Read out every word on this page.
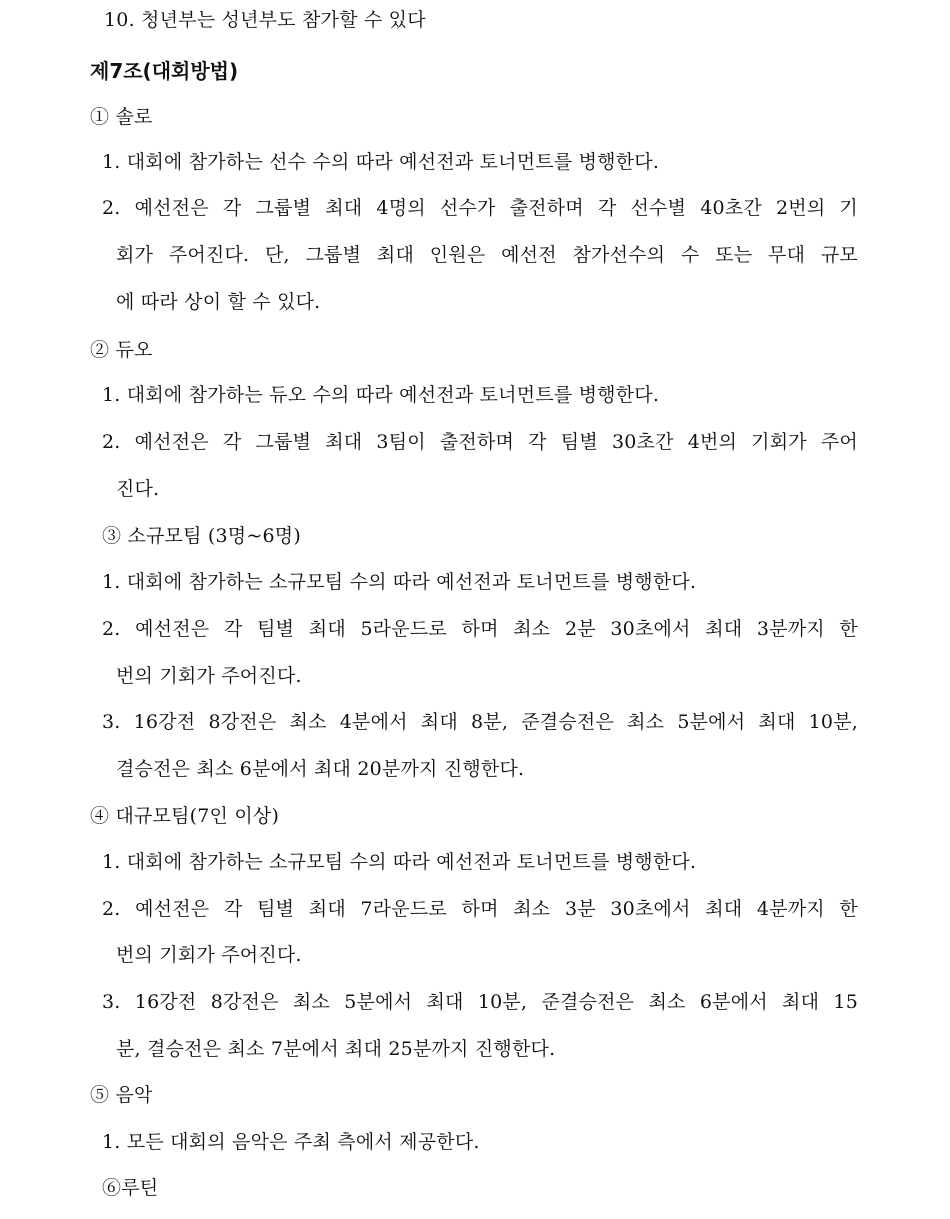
10. 청년부는 성년부도 참가할 수 있다
제7조(대회방법)
① 솔로
1. 대회에 참가하는 선수 수의 따라 예선전과 토너먼트를 병행한다.
2. 예선전은 각 그룹별 최대 4명의 선수가 출전하며 각 선수별 40초간 2번의 기
회가 주어진다. 단, 그룹별 최대 인원은 예선전 참가선수의 수 또는 무대 규모
에 따라 상이 할 수 있다.
② 듀오
1. 대회에 참가하는 듀오 수의 따라 예선전과 토너먼트를 병행한다.
2. 예선전은 각 그룹별 최대 3팀이 출전하며 각 팀별 30초간 4번의 기회가 주어
진다.
③ 소규모팀 (3명~6명)
1. 대회에 참가하는 소규모팀 수의 따라 예선전과 토너먼트를 병행한다.
2. 예선전은 각 팀별 최대 5라운드로 하며 최소 2분 30초에서 최대 3분까지 한
번의 기회가 주어진다.
3. 16강전 8강전은 최소 4분에서 최대 8분, 준결승전은 최소 5분에서 최대 10분,
결승전은 최소 6분에서 최대 20분까지 진행한다.
④ 대규모팀(7인 이상)
1. 대회에 참가하는 소규모팀 수의 따라 예선전과 토너먼트를 병행한다.
2. 예선전은 각 팀별 최대 7라운드로 하며 최소 3분 30초에서 최대 4분까지 한
번의 기회가 주어진다.
3. 16강전 8강전은 최소 5분에서 최대 10분, 준결승전은 최소 6분에서 최대 15
분, 결승전은 최소 7분에서 최대 25분까지 진행한다.
⑤ 음악
1. 모든 대회의 음악은 주최 측에서 제공한다.
⑥루틴
